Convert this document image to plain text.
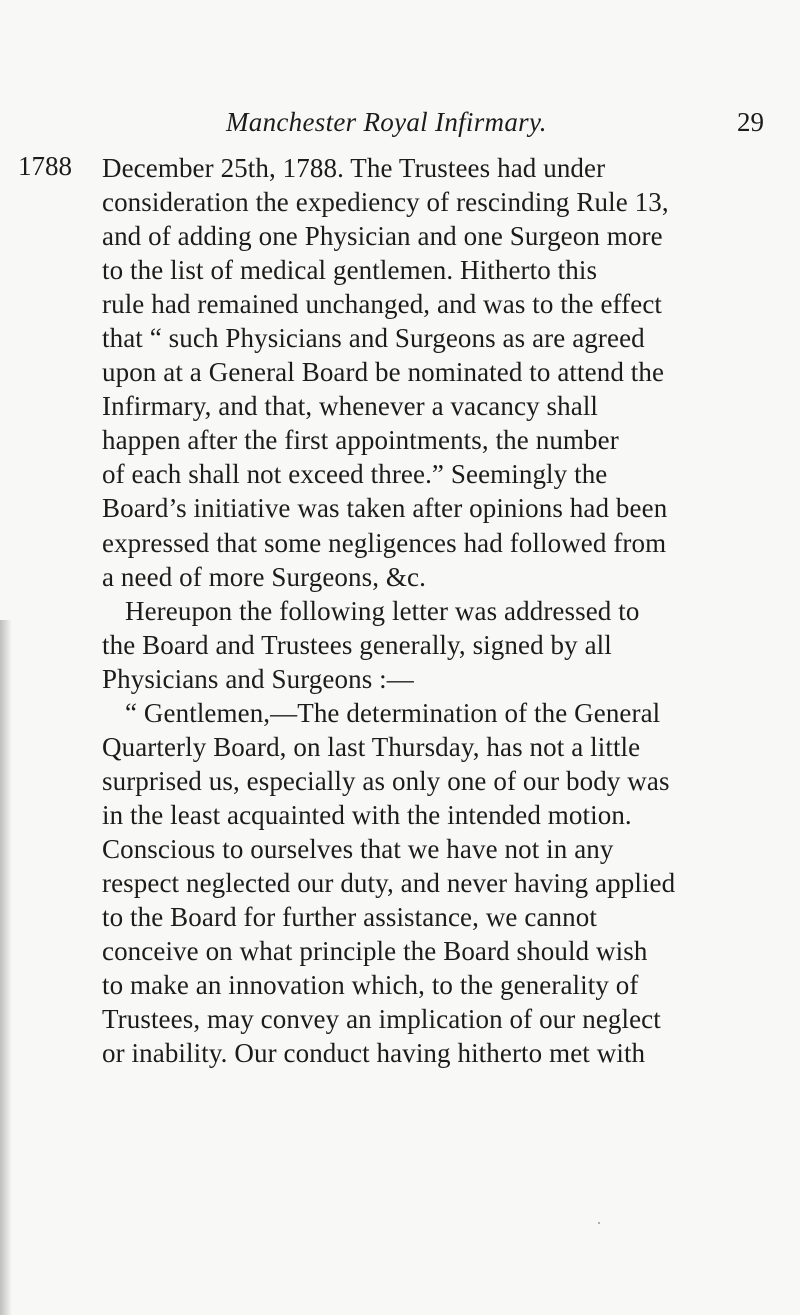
Manchester Royal Infirmary.	29
1788 December 25th, 1788. The Trustees had under
consideration the expediency of rescinding Rule 13,
and of adding one Physician and one Surgeon more
to the list of medical gentlemen. Hitherto this
rule had remained unchanged, and was to the effect
that “ such Physicians and Surgeons as are agreed
upon at a General Board be nominated to attend the
Infirmary, and that, whenever a vacancy shall
happen after the first appointments, the number
of each shall not exceed three.” Seemingly the
Board’s initiative was taken after opinions had been
expressed that some negligences had followed from
a need of more Surgeons, &c.
Hereupon the following letter was addressed to
the Board and Trustees generally, signed by all
Physicians and Surgeons :—
“ Gentlemen,—The determination of the General
Quarterly Board, on last Thursday, has not a little
surprised us, especially as only one of our body was
in the least acquainted with the intended motion.
Conscious to ourselves that we have not in any
respect neglected our duty, and never having applied
to the Board for further assistance, we cannot
conceive on what principle the Board should wish
to make an innovation which, to the generality of
Trustees, may convey an implication of our neglect
or inability. Our conduct having hitherto met with
